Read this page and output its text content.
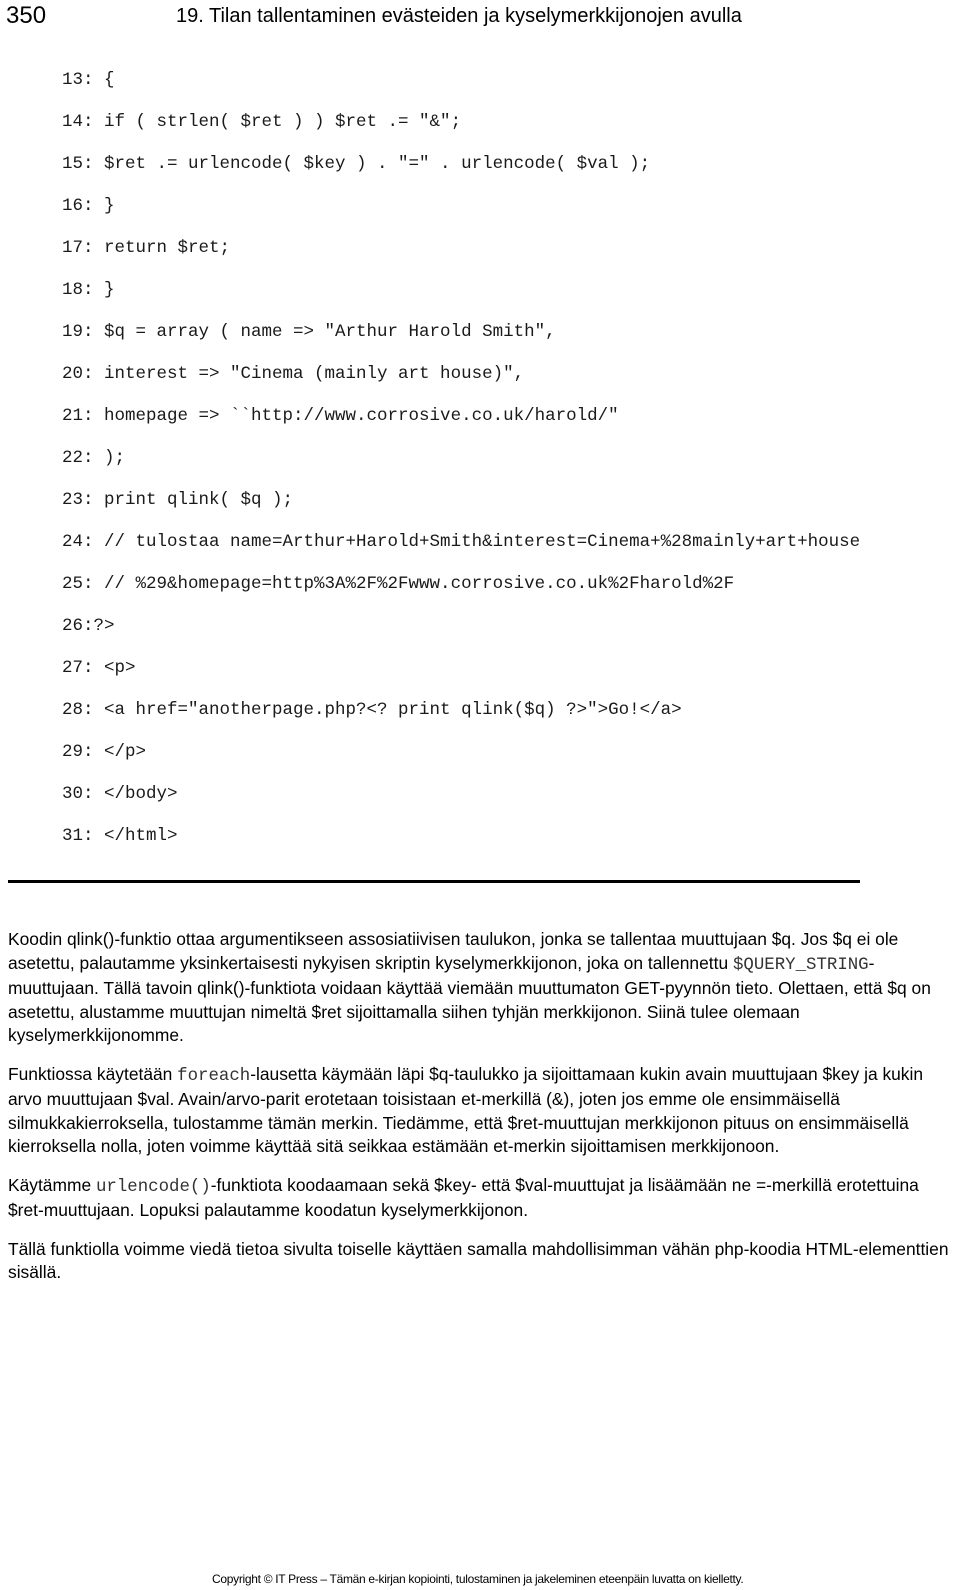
350	19. Tilan tallentaminen evästeiden ja kyselymerkkijonojen avulla
13: {
14: if ( strlen( $ret ) ) $ret .= "&";
15: $ret .= urlencode( $key ) . "=" . urlencode( $val );
16: }
17: return $ret;
18: }
19: $q = array ( name => "Arthur Harold Smith",
20: interest => "Cinema (mainly art house)",
21: homepage => ``http://www.corrosive.co.uk/harold/"
22: );
23: print qlink( $q );
24: // tulostaa name=Arthur+Harold+Smith&interest=Cinema+%28mainly+art+house
25: // %29&homepage=http%3A%2F%2Fwww.corrosive.co.uk%2Fharold%2F
26:?>
27: <p>
28: <a href="anotherpage.php?<? print qlink($q) ?>">Go!</a>
29: </p>
30: </body>
31: </html>

Koodin qlink()-funktio ottaa argumentikseen assosiatiivisen taulukon, jonka se tallentaa muuttujaan $q. Jos $q ei ole asetettu, palautamme yksinkertaisesti nykyisen skriptin kyselymerkkijonon, joka on tallennettu $QUERY_STRING-muuttujaan. Tällä tavoin qlink()-funktiota voidaan käyttää viemään muuttumaton GET-pyynnön tieto. Olettaen, että $q on asetettu, alustamme muuttujan nimeltä $ret sijoittamalla siihen tyhjän merkkijonon. Siinä tulee olemaan kyselymerkkijonomme.

Funktiossa käytetään foreach-lausetta käymään läpi $q-taulukko ja sijoittamaan kukin avain muuttujaan $key ja kukin arvo muuttujaan $val. Avain/arvo-parit erotetaan toisistaan et-merkillä (&), joten jos emme ole ensimmäisellä silmukkakierroksella, tulostamme tämän merkin. Tiedämme, että $ret-muuttujan merkkijonon pituus on ensimmäisellä kierroksella nolla, joten voimme käyttää sitä seikkaa estämään et-merkin sijoittamisen merkkijonoon.

Käytämme urlencode()-funktiota koodaamaan sekä $key- että $val-muuttujat ja lisäämään ne =-merkillä erotettuina $ret-muuttujaan. Lopuksi palautamme koodatun kyselymerkkijonon.

Tällä funktiolla voimme viedä tietoa sivulta toiselle käyttäen samalla mahdollisimman vähän php-koodia HTML-elementtien sisällä.

Copyright © IT Press – Tämän e-kirjan kopiointi, tulostaminen ja jakeleminen eteenpäin luvatta on kielletty.
